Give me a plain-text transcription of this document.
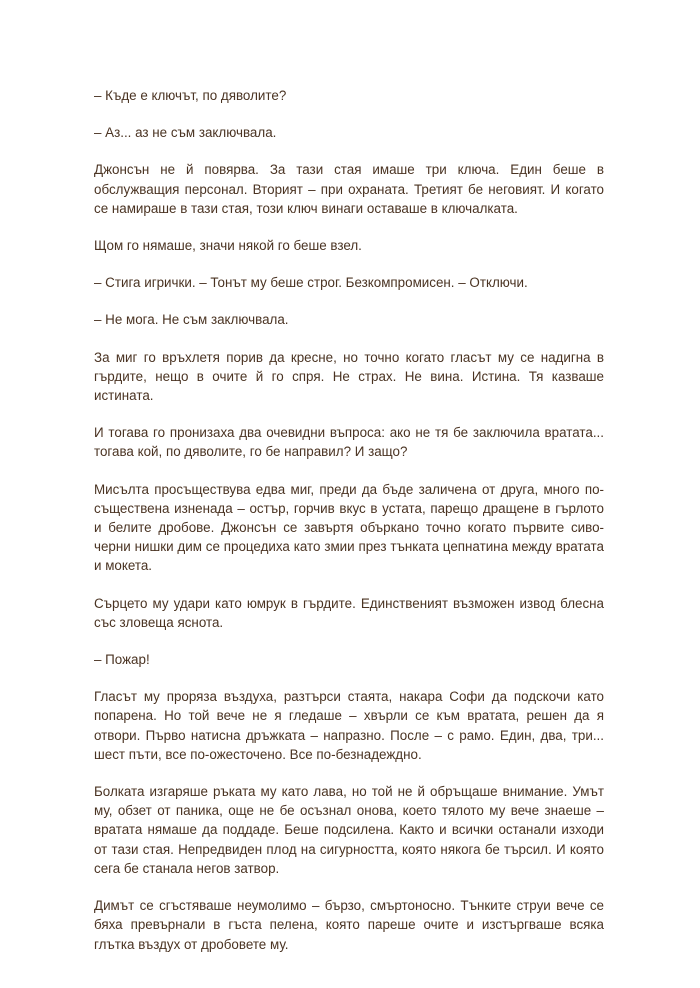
– Къде е ключът, по дяволите?

– Аз... аз не съм заключвала.

Джонсън не й повярва. За тази стая имаше три ключа. Един беше в обслужващия персонал. Вторият – при охраната. Третият бе неговият. И когато се намираше в тази стая, този ключ винаги оставаше в ключалката.

Щом го нямаше, значи някой го беше взел.

– Стига игрички. – Тонът му беше строг. Безкомпромисен. – Отключи.

– Не мога. Не съм заключвала.

За миг го връхлетя порив да кресне, но точно когато гласът му се надигна в гърдите, нещо в очите й го спря. Не страх. Не вина. Истина. Тя казваше истината.

И тогава го пронизаха два очевидни въпроса: ако не тя бе заключила вратата... тогава кой, по дяволите, го бе направил? И защо?

Мисълта просъществува едва миг, преди да бъде заличена от друга, много по-съществена изненада – остър, горчив вкус в устата, парещо дращене в гърлото и белите дробове. Джонсън се завъртя объркано точно когато първите сиво-черни нишки дим се процедиха като змии през тънката цепнатина между вратата и мокета.

Сърцето му удари като юмрук в гърдите. Единственият възможен извод блесна със зловеща яснота.

– Пожар!

Гласът му прорязa въздуха, разтърси стаята, накара Софи да подскочи като попарена. Но той вече не я гледаше – хвърли се към вратата, решен да я отвори. Първо натисна дръжката – напразно. После – с рамо. Един, два, три... шест пъти, все по-ожесточено. Все по-безнадеждно.

Болката изгаряше ръката му като лава, но той не й обръщаше внимание. Умът му, обзет от паника, още не бе осъзнал онова, което тялото му вече знаеше – вратата нямаше да поддаде. Беше подсилена. Както и всички останали изходи от тази стая. Непредвиден плод на сигурността, която някога бе търсил. И която сега бе станала негов затвор.

Димът се сгъстяваше неумолимо – бързо, смъртоносно. Тънките струи вече се бяха превърнали в гъста пелена, която пареше очите и изстъргваше всяка глътка въздух от дробовете му.
